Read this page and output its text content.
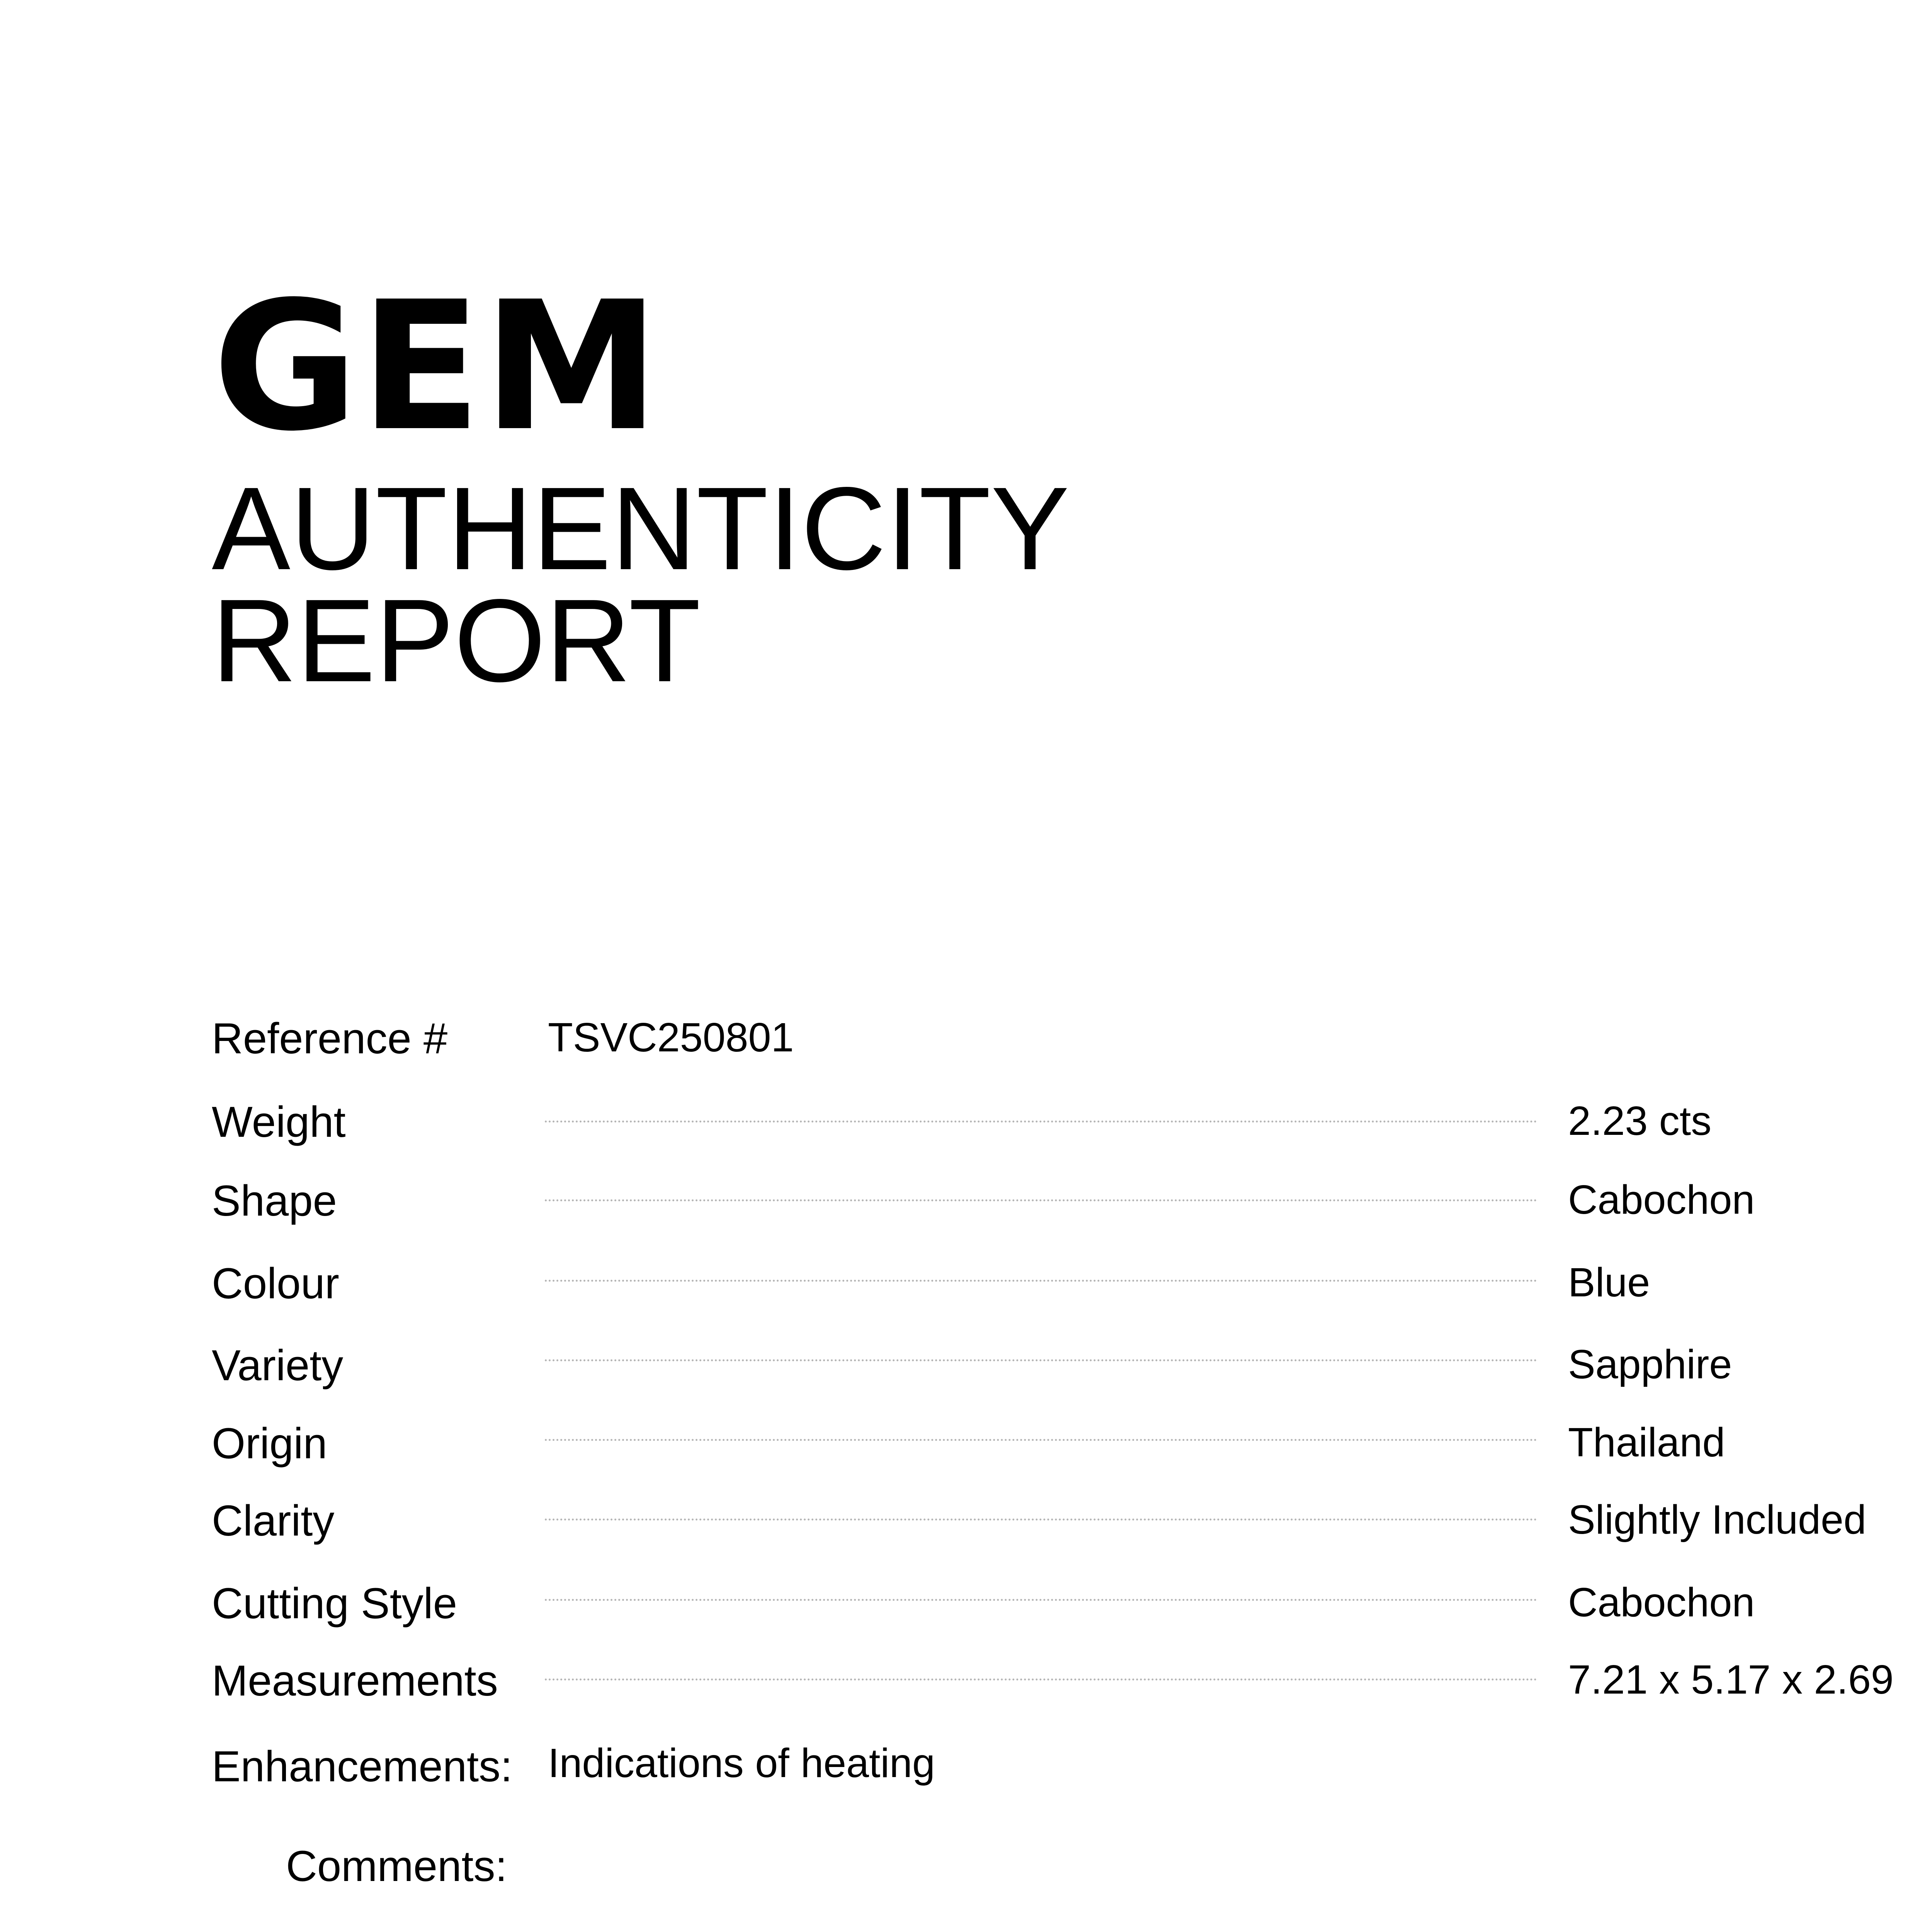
GEM
AUTHENTICITY
REPORT
Reference # TSVC250801
Weight	2.23 cts
Shape	Cabochon
Colour	Blue
Variety	Sapphire
Origin	Thailand
Clarity	Slightly Included
Cutting Style	Cabochon
Measurements	7.21 x 5.17 x 2.69
Enhancements: Indications of heating
Comments:
